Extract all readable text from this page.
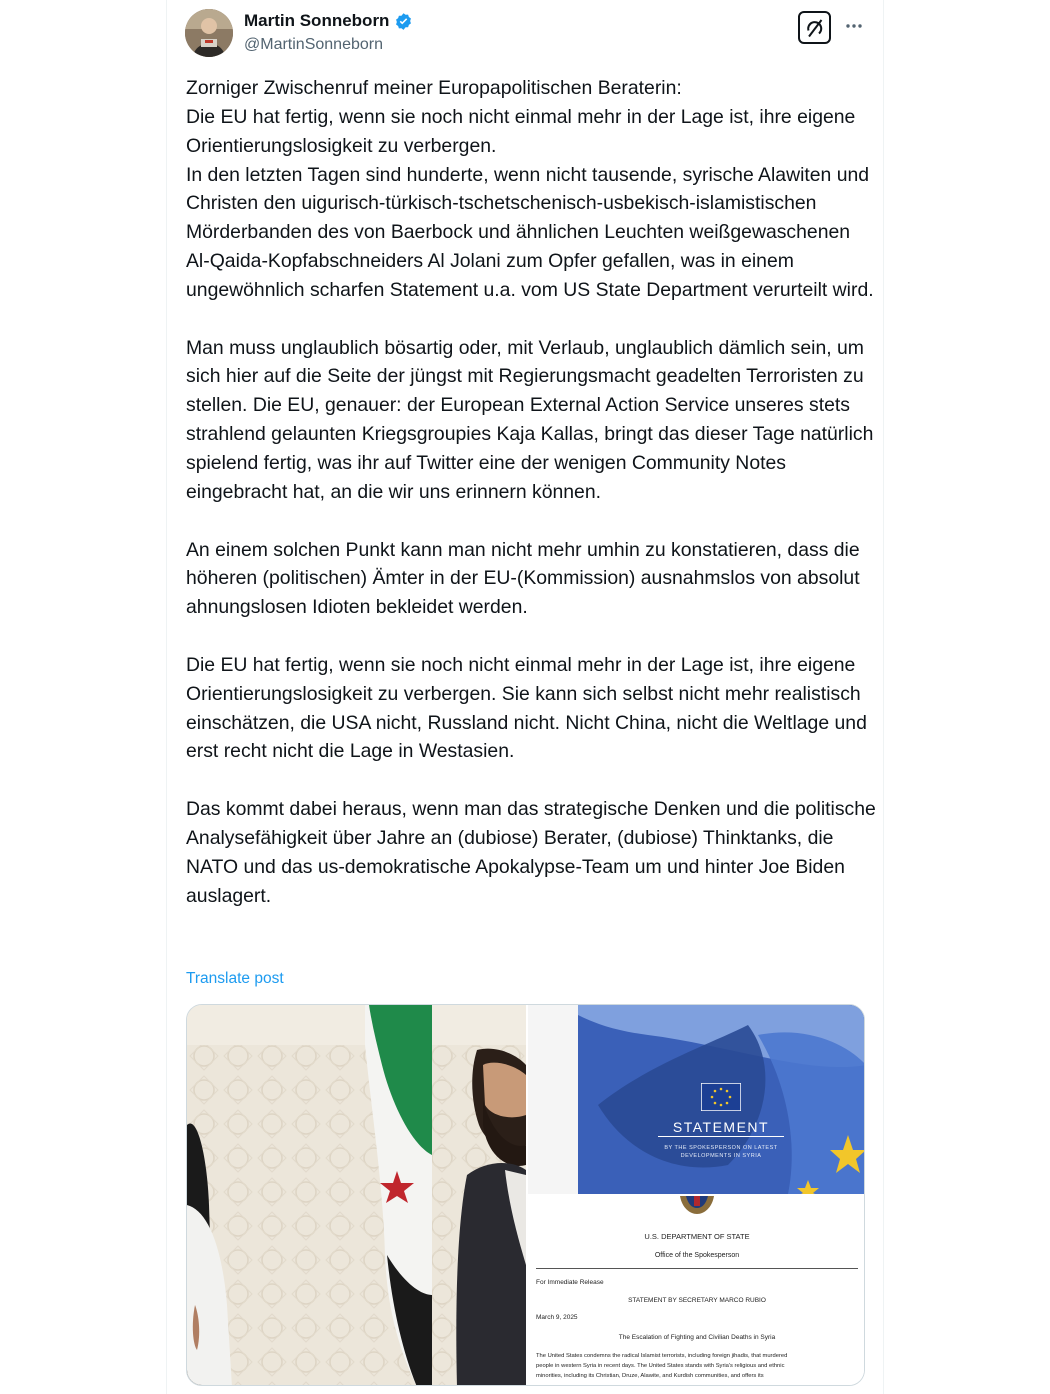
Martin Sonneborn
@MartinSonneborn
Zorniger Zwischenruf meiner Europapolitischen Beraterin:
Die EU hat fertig, wenn sie noch nicht einmal mehr in der Lage ist, ihre eigene Orientierungslosigkeit zu verbergen.
In den letzten Tagen sind hunderte, wenn nicht tausende, syrische Alawiten und Christen den uigurisch-türkisch-tschetschenisch-usbekisch-islamistischen Mörderbanden des von Baerbock und ähnlichen Leuchten weißgewaschenen Al-Qaida-Kopfabschneiders Al Jolani zum Opfer gefallen, was in einem ungewöhnlich scharfen Statement u.a. vom US State Department verurteilt wird.

Man muss unglaublich bösartig oder, mit Verlaub, unglaublich dämlich sein, um sich hier auf die Seite der jüngst mit Regierungsmacht geadelten Terroristen zu stellen. Die EU, genauer: der European External Action Service unseres stets strahlend gelaunten Kriegsgroupies Kaja Kallas, bringt das dieser Tage natürlich spielend fertig, was ihr auf Twitter eine der wenigen Community Notes eingebracht hat, an die wir uns erinnern können.

An einem solchen Punkt kann man nicht mehr umhin zu konstatieren, dass die höheren (politischen) Ämter in der EU-(Kommission) ausnahmslos von absolut ahnungslosen Idioten bekleidet werden.

Die EU hat fertig, wenn sie noch nicht einmal mehr in der Lage ist, ihre eigene Orientierungslosigkeit zu verbergen. Sie kann sich selbst nicht mehr realistisch einschätzen, die USA nicht, Russland nicht. Nicht China, nicht die Weltlage und erst recht nicht die Lage in Westasien.

Das kommt dabei heraus, wenn man das strategische Denken und die politische Analysefähigkeit über Jahre an (dubiose) Berater, (dubiose) Thinktanks, die NATO und das us-demokratische Apokalypse-Team um und hinter Joe Biden auslagert.
Translate post
STATEMENT
BY THE SPOKESPERSON ON LATEST
DEVELOPMENTS IN SYRIA
U.S. DEPARTMENT OF STATE
Office of the Spokesperson
For Immediate Release
STATEMENT BY SECRETARY MARCO RUBIO
March 9, 2025
The Escalation of Fighting and Civilian Deaths in Syria
The United States condemns the radical Islamist terrorists, including foreign jihadis, that murdered
people in western Syria in recent days. The United States stands with Syria's religious and ethnic
minorities, including its Christian, Druze, Alawite, and Kurdish communities, and offers its
